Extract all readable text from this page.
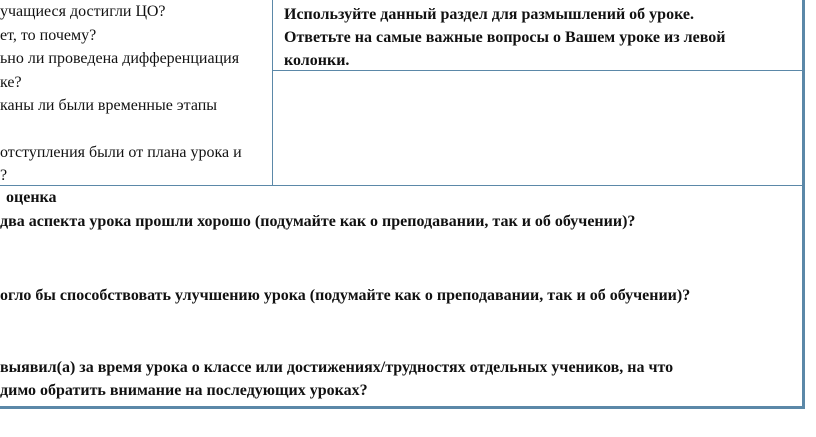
учащиеся достигли ЦО?
ет, то почему?
ьно ли проведена дифференциация
ке?
каны ли были временные этапы
отступления были от плана урока и
?
Используйте данный раздел для размышлений об уроке.
Ответьте на самые важные вопросы о Вашем уроке из левой
колонки.
оценка
два аспекта урока прошли хорошо (подумайте как о преподавании, так и об обучении)?
огло бы способствовать улучшению урока (подумайте как о преподавании, так и об обучении)?
выявил(а) за время урока о классе или достижениях/трудностях отдельных учеников, на что
димо обратить внимание на последующих уроках?
